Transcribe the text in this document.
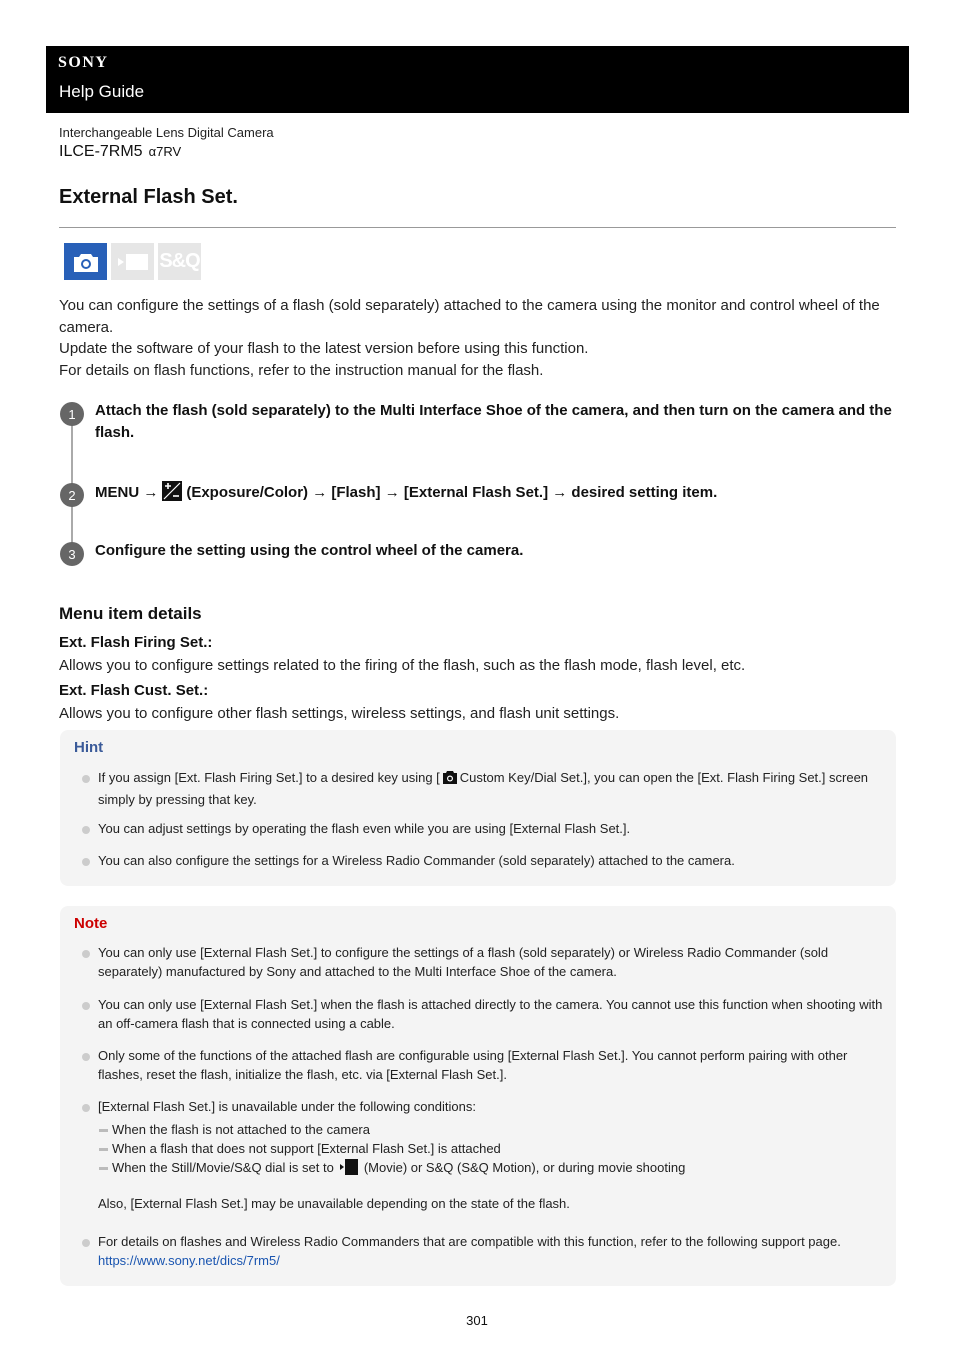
SONY
Help Guide
Interchangeable Lens Digital Camera
ILCE-7RM5 α7RV
External Flash Set.
S&Q
You can configure the settings of a flash (sold separately) attached to the camera using the monitor and control wheel of the camera.
Update the software of your flash to the latest version before using this function.
For details on flash functions, refer to the instruction manual for the flash.
1	Attach the flash (sold separately) to the Multi Interface Shoe of the camera, and then turn on the camera and the flash.
2	MENU → (Exposure/Color) → [Flash] → [External Flash Set.] → desired setting item.
3	Configure the setting using the control wheel of the camera.
Menu item details
Ext. Flash Firing Set.:
Allows you to configure settings related to the firing of the flash, such as the flash mode, flash level, etc.
Ext. Flash Cust. Set.:
Allows you to configure other flash settings, wireless settings, and flash unit settings.
Hint
If you assign [Ext. Flash Firing Set.] to a desired key using [ Custom Key/Dial Set.], you can open the [Ext. Flash Firing Set.] screen simply by pressing that key.
You can adjust settings by operating the flash even while you are using [External Flash Set.].
You can also configure the settings for a Wireless Radio Commander (sold separately) attached to the camera.
Note
You can only use [External Flash Set.] to configure the settings of a flash (sold separately) or Wireless Radio Commander (sold separately) manufactured by Sony and attached to the Multi Interface Shoe of the camera.
You can only use [External Flash Set.] when the flash is attached directly to the camera. You cannot use this function when shooting with an off-camera flash that is connected using a cable.
Only some of the functions of the attached flash are configurable using [External Flash Set.]. You cannot perform pairing with other flashes, reset the flash, initialize the flash, etc. via [External Flash Set.].
[External Flash Set.] is unavailable under the following conditions:
When the flash is not attached to the camera
When a flash that does not support [External Flash Set.] is attached
When the Still/Movie/S&Q dial is set to (Movie) or S&Q (S&Q Motion), or during movie shooting
Also, [External Flash Set.] may be unavailable depending on the state of the flash.
For details on flashes and Wireless Radio Commanders that are compatible with this function, refer to the following support page.
https://www.sony.net/dics/7rm5/
301
